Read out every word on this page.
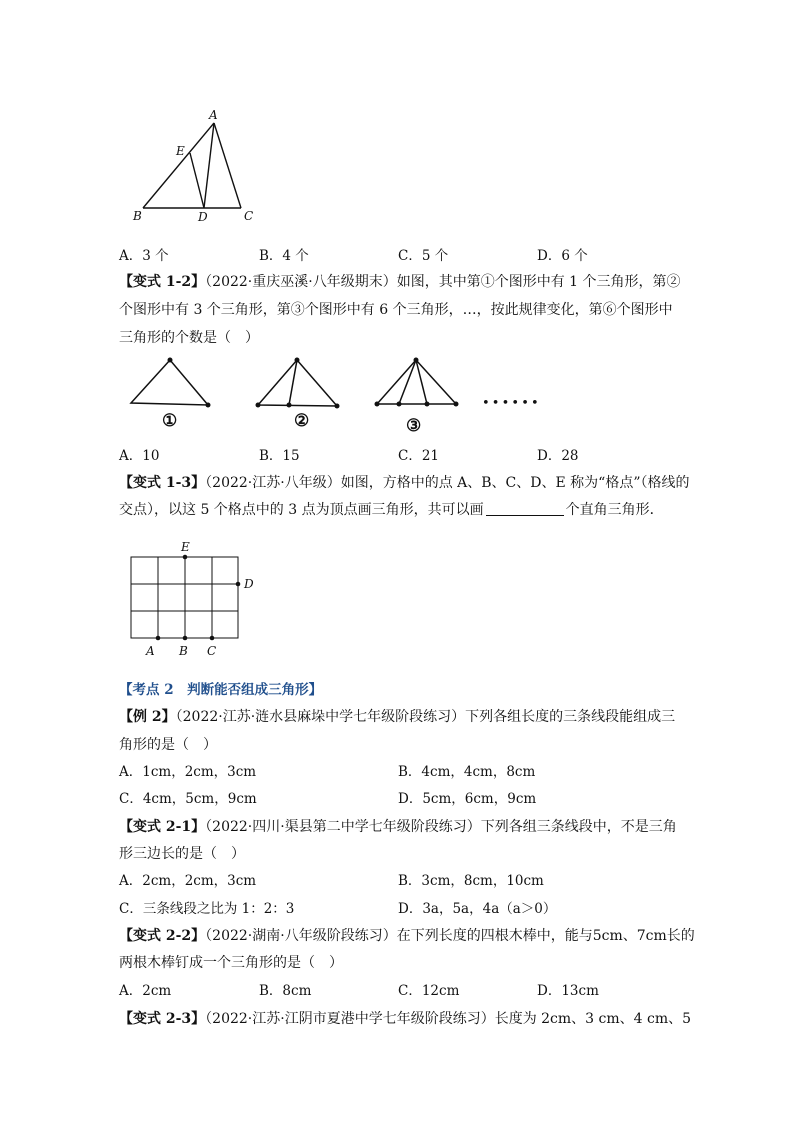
A
E
B	D	C
A．3 个	B．4 个	C．5 个	D．6 个
【变式 1-2】（2022·重庆巫溪·八年级期末）如图，其中第①个图形中有 1 个三角形，第②
个图形中有 3 个三角形，第③个图形中有 6 个三角形，…，按此规律变化，第⑥个图形中
三角形的个数是（　）
①	②	③
• • • • • •
A．10	B．15	C．21	D．28
【变式 1-3】（2022·江苏·八年级）如图，方格中的点 A、B、C、D、E 称为“格点”（格线的
交点），以这 5 个格点中的 3 点为顶点画三角形，共可以画	个直角三角形．
E
D
A B C
【考点 2　判断能否组成三角形】
【例 2】（2022·江苏·涟水县麻垛中学七年级阶段练习）下列各组长度的三条线段能组成三
角形的是（　）
A．1cm，2cm，3cm	B．4cm，4cm，8cm
C．4cm，5cm，9cm	D．5cm，6cm，9cm
【变式 2-1】（2022·四川·渠县第二中学七年级阶段练习）下列各组三条线段中，不是三角
形三边长的是（　）
A．2cm，2cm，3cm	B．3cm，8cm，10cm
C．三条线段之比为 1：2：3	D．3a，5a，4a（a＞0）
【变式 2-2】（2022·湖南·八年级阶段练习）在下列长度的四根木棒中，能与5cm、7cm长的
两根木棒钉成一个三角形的是（　）
A．2cm	B．8cm	C．12cm	D．13cm
【变式 2-3】（2022·江苏·江阴市夏港中学七年级阶段练习）长度为 2cm、3 cm、4 cm、5
